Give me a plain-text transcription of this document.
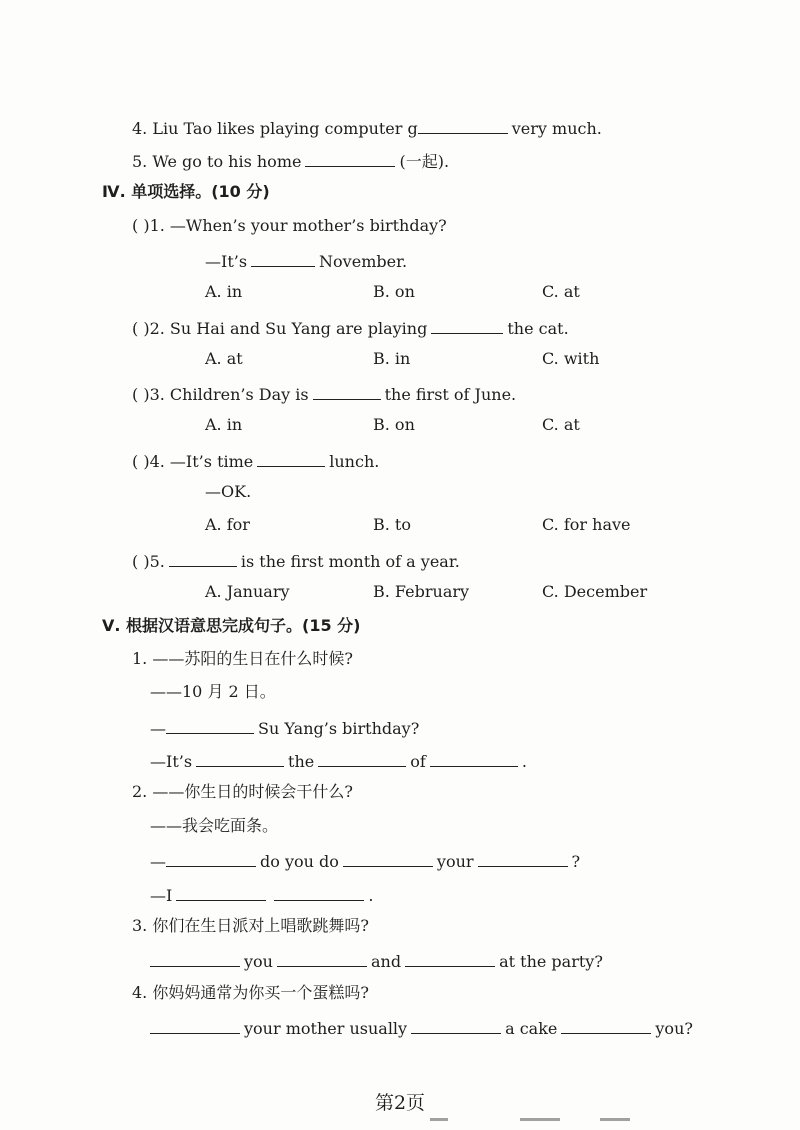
4. Liu Tao likes playing computer g	very much.
5. We go to his home	(一起).
Ⅳ. 单项选择。(10 分)
( )1. —When’s your mother’s birthday?
—It’s	November.
A. in	B. on	C. at
( )2. Su Hai and Su Yang are playing	the cat.
A. at	B. in	C. with
( )3. Children’s Day is	the first of June.
A. in	B. on	C. at
( )4. —It’s time	lunch.
—OK.
A. for	B. to	C. for have
( )5.	is the first month of a year.
A. January	B. February	C. December
Ⅴ. 根据汉语意思完成句子。(15 分)
1. ——苏阳的生日在什么时候?
——10 月 2 日。
—	Su Yang’s birthday?
—It’s	the	of	.
2. ——你生日的时候会干什么?
——我会吃面条。
—	do you do	your	?
—I	.
3. 你们在生日派对上唱歌跳舞吗?
you	and	at the party?
4. 你妈妈通常为你买一个蛋糕吗?
your mother usually	a cake	you?
第2页
